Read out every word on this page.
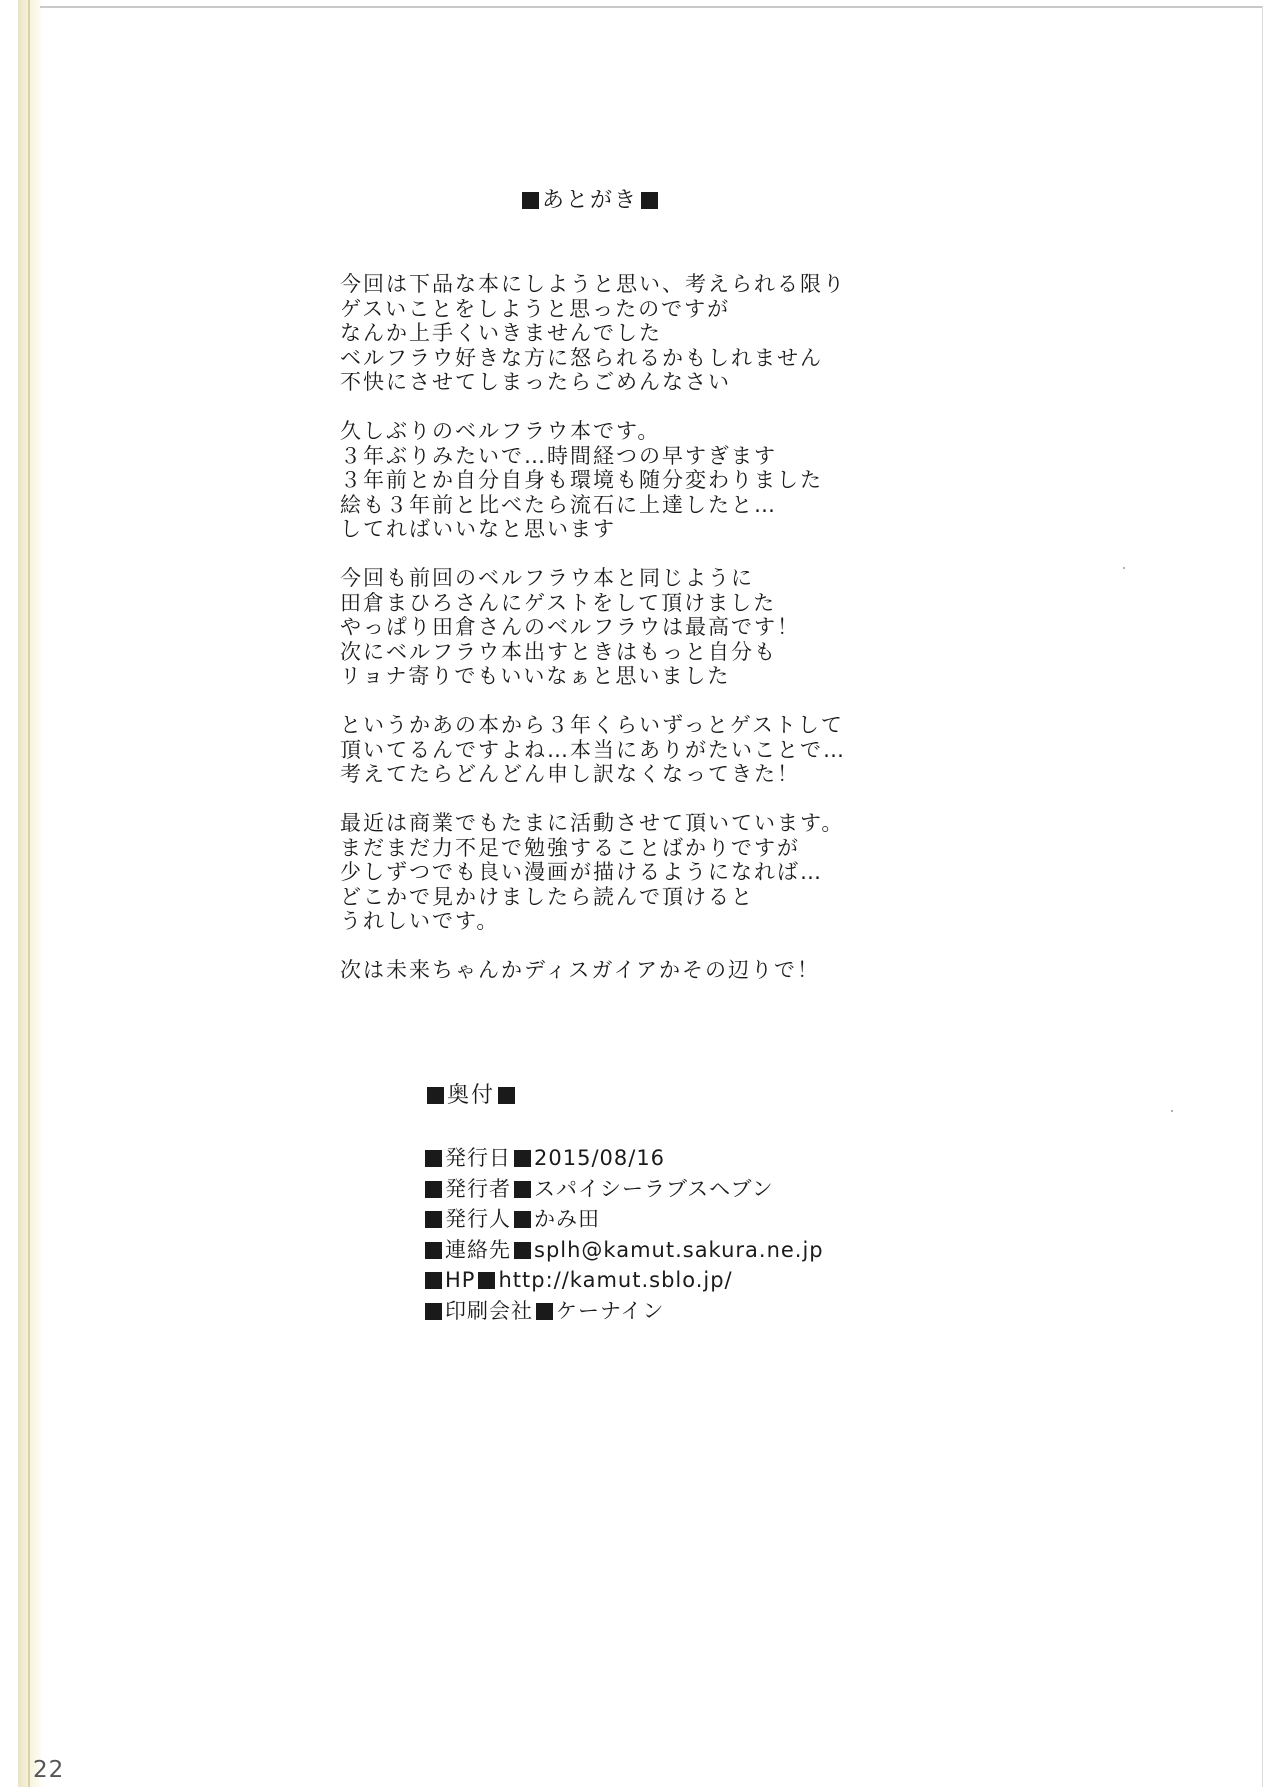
あとがき
今回は下品な本にしようと思い、考えられる限り
ゲスいことをしようと思ったのですが
なんか上手くいきませんでした
ベルフラウ好きな方に怒られるかもしれません
不快にさせてしまったらごめんなさい
久しぶりのベルフラウ本です。
３年ぶりみたいで…時間経つの早すぎます
３年前とか自分自身も環境も随分変わりました
絵も３年前と比べたら流石に上達したと…
してればいいなと思います
今回も前回のベルフラウ本と同じように
田倉まひろさんにゲストをして頂けました
やっぱり田倉さんのベルフラウは最高です！
次にベルフラウ本出すときはもっと自分も
リョナ寄りでもいいなぁと思いました
というかあの本から３年くらいずっとゲストして
頂いてるんですよね…本当にありがたいことで…
考えてたらどんどん申し訳なくなってきた！
最近は商業でもたまに活動させて頂いています。
まだまだ力不足で勉強することばかりですが
少しずつでも良い漫画が描けるようになれば…
どこかで見かけましたら読んで頂けると
うれしいです。
次は未来ちゃんかディスガイアかその辺りで！
奥付
発行日 2015/08/16
発行者 スパイシーラブスヘブン
発行人 かみ田
連絡先 splh@kamut.sakura.ne.jp
HP http://kamut.sblo.jp/
印刷会社 ケーナイン
22
